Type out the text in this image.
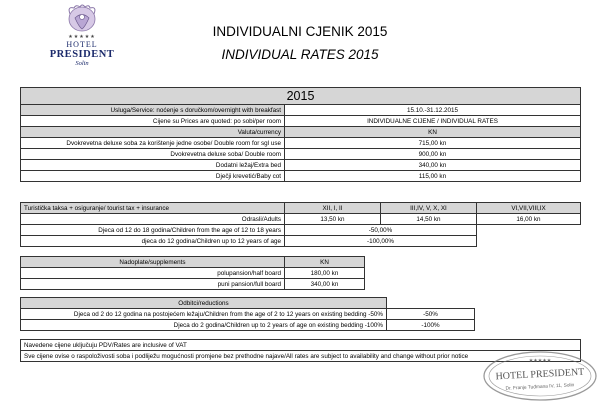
★★★★★
HOTEL
PRESIDENT
Solin
INDIVIDUALNI CJENIK 2015
INDIVIDUAL RATES 2015
2015	
Usluga/Service: noćenje s doručkom/overnight with breakfast	15.10.-31.12.2015
Cijene su Prices are quoted: po sobi/per room	INDIVIDUALNE CIJENE / INDIVIDUAL RATES
Valuta/currency	KN
Dvokrevetna deluxe soba za korištenje jedne osobe/ Double room for sgl use	715,00 kn
Dvokrevetna deluxe soba/ Double room	900,00 kn
Dodatni ležaj/Extra bed	340,00 kn
Dječji krevetić/Baby cot	115,00 kn
Turistička taksa + osiguranje/ tourist tax + insurance	XII, I, II	III,IV, V, X, XI	VI,VII,VIII,IX
Odrasli/Adults	13,50 kn	14,50 kn	16,00 kn
Djeca od 12 do 18 godina/Children from the age of 12 to 18 years	-50,00%		
djeca do 12 godina/Children up to 12 years of age	-100,00%		
Nadoplate/supplements	KN
polupansion/half board	180,00 kn
puni pansion/full board	340,00 kn
Odbitci/reductions	
Djeca od 2 do 12 godina na postojećem ležaju/Children from the age of 2 to 12 years on existing bedding -50%	-50%
Djeca do 2 godina/Children up to 2 years of age on existing bedding -100%	-100%
Navedene cijene uključuju PDV/Rates are inclusive of VAT
Sve cijene ovise o raspoloživosti soba i podliježu mogućnosti promjene bez prethodne najave/All rates are subject to availability and change without prior notice
★★★★★
HOTEL PRESIDENT
Dr. Franje Tuđmana IV, 11, Solin
